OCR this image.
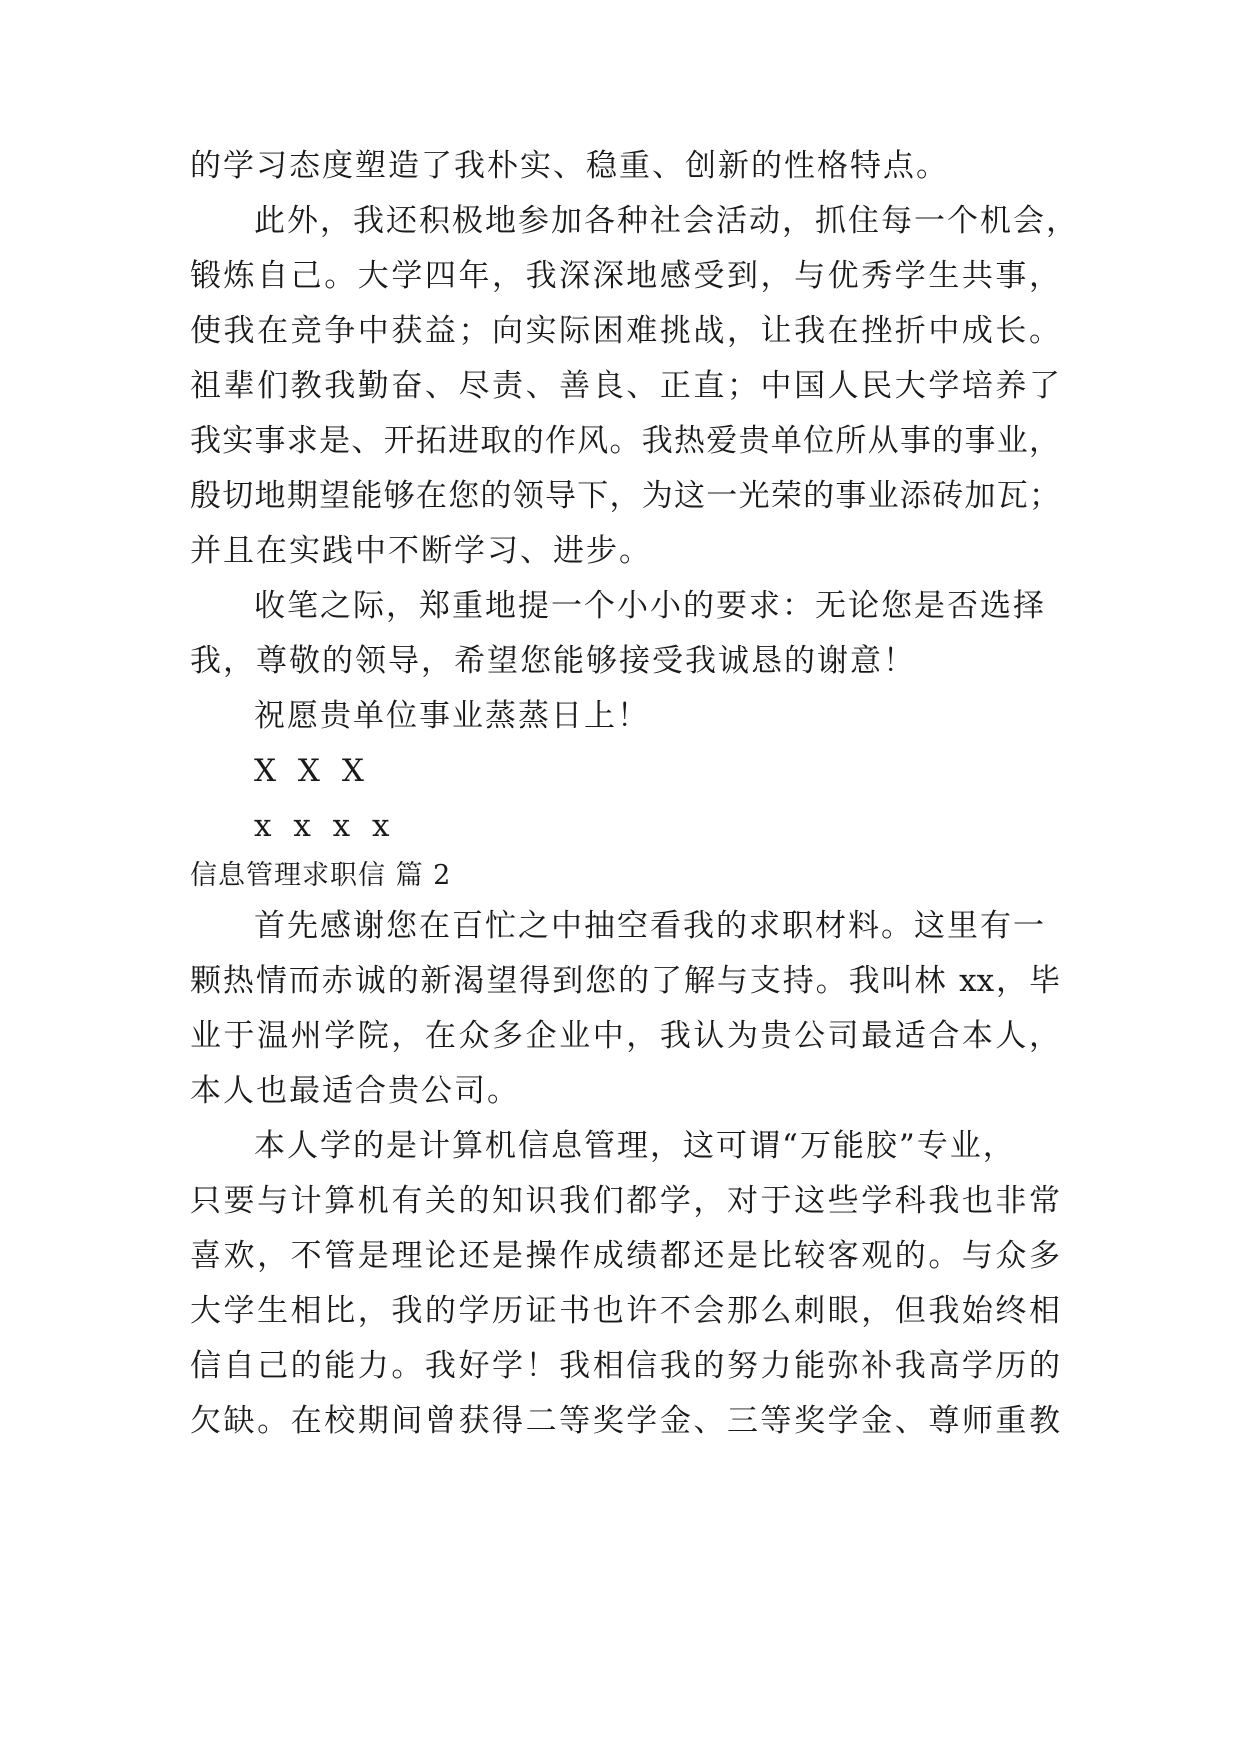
的学习态度塑造了我朴实、稳重、创新的性格特点。
此外，我还积极地参加各种社会活动，抓住每一个机会，
锻炼自己。大学四年，我深深地感受到，与优秀学生共事，
使我在竞争中获益；向实际困难挑战，让我在挫折中成长。
祖辈们教我勤奋、尽责、善良、正直；中国人民大学培养了
我实事求是、开拓进取的作风。我热爱贵单位所从事的事业，
殷切地期望能够在您的领导下，为这一光荣的事业添砖加瓦；
并且在实践中不断学习、进步。
收笔之际，郑重地提一个小小的要求：无论您是否选择
我，尊敬的领导，希望您能够接受我诚恳的谢意！
祝愿贵单位事业蒸蒸日上！
X X X
x x x x
信息管理求职信 篇 2
首先感谢您在百忙之中抽空看我的求职材料。这里有一
颗热情而赤诚的新渴望得到您的了解与支持。我叫林 xx，毕
业于温州学院，在众多企业中，我认为贵公司最适合本人，
本人也最适合贵公司。
本人学的是计算机信息管理，这可谓“万能胶”专业，
只要与计算机有关的知识我们都学，对于这些学科我也非常
喜欢，不管是理论还是操作成绩都还是比较客观的。与众多
大学生相比，我的学历证书也许不会那么刺眼，但我始终相
信自己的能力。我好学！我相信我的努力能弥补我高学历的
欠缺。在校期间曾获得二等奖学金、三等奖学金、尊师重教
